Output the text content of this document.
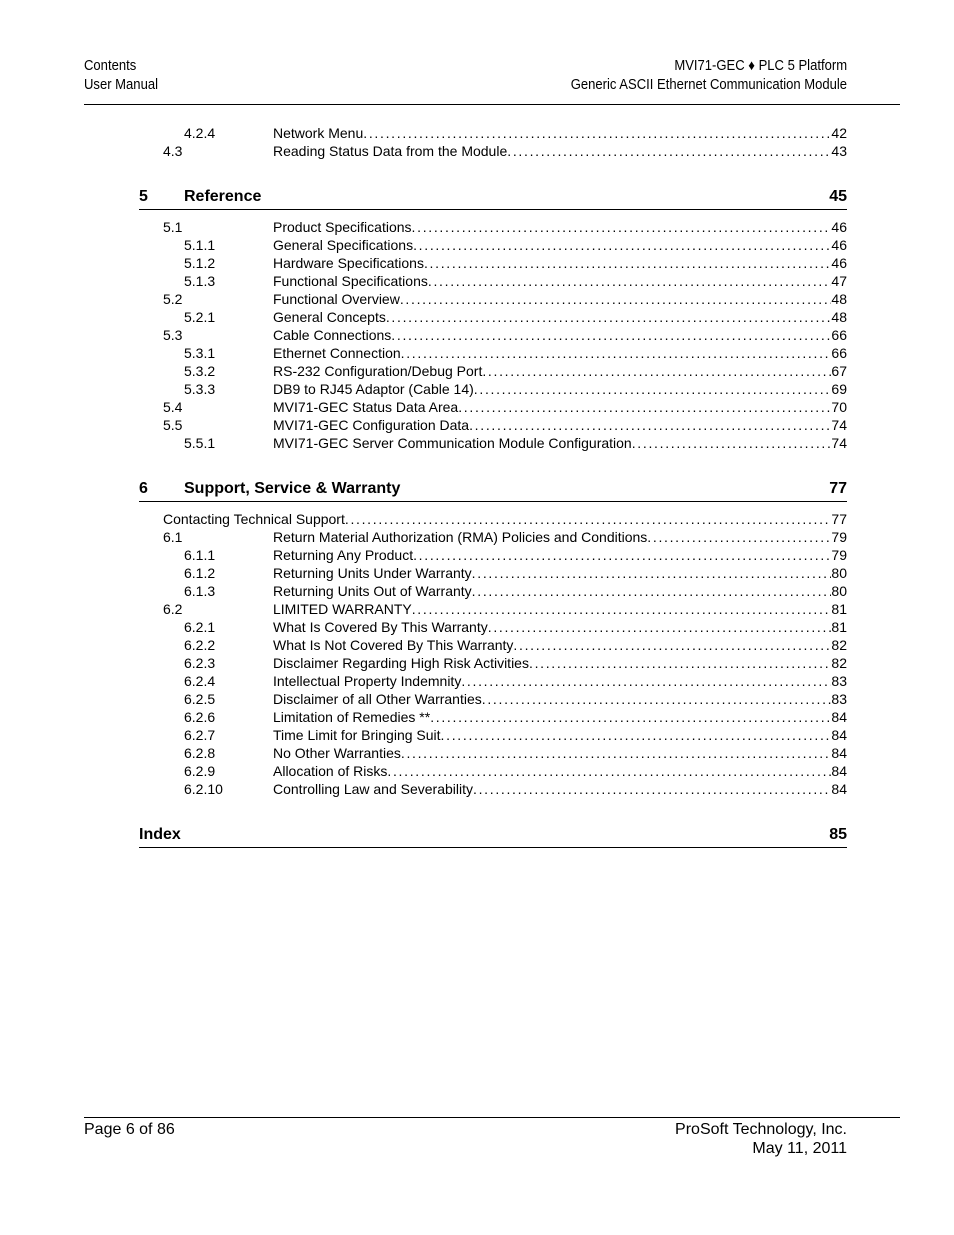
Contents
User Manual
MVI71-GEC ♦ PLC 5 Platform
Generic ASCII Ethernet Communication Module
4.2.4	Network Menu . . .	42
4.3	Reading Status Data from the Module . . .	43
5 Reference	45
5.1	Product Specifications . . .	46
5.1.1	General Specifications . . .	46
5.1.2	Hardware Specifications . . .	46
5.1.3	Functional Specifications . . .	47
5.2	Functional Overview . . .	48
5.2.1	General Concepts . . .	48
5.3	Cable Connections . . .	66
5.3.1	Ethernet Connection . . .	66
5.3.2	RS-232 Configuration/Debug Port . . .	67
5.3.3	DB9 to RJ45 Adaptor (Cable 14) . . .	69
5.4	MVI71-GEC Status Data Area . . .	70
5.5	MVI71-GEC Configuration Data . . .	74
5.5.1	MVI71-GEC Server Communication Module Configuration . . .	74
6 Support, Service & Warranty	77
Contacting Technical Support . . .	77
6.1	Return Material Authorization (RMA) Policies and Conditions . . .	79
6.1.1	Returning Any Product . . .	79
6.1.2	Returning Units Under Warranty . . .	80
6.1.3	Returning Units Out of Warranty . . .	80
6.2	LIMITED WARRANTY . . .	81
6.2.1	What Is Covered By This Warranty . . .	81
6.2.2	What Is Not Covered By This Warranty . . .	82
6.2.3	Disclaimer Regarding High Risk Activities . . .	82
6.2.4	Intellectual Property Indemnity . . .	83
6.2.5	Disclaimer of all Other Warranties . . .	83
6.2.6	Limitation of Remedies ** . . .	84
6.2.7	Time Limit for Bringing Suit . . .	84
6.2.8	No Other Warranties . . .	84
6.2.9	Allocation of Risks . . .	84
6.2.10	Controlling Law and Severability . . .	84
Index	85
Page 6 of 86	ProSoft Technology, Inc.
May 11, 2011
